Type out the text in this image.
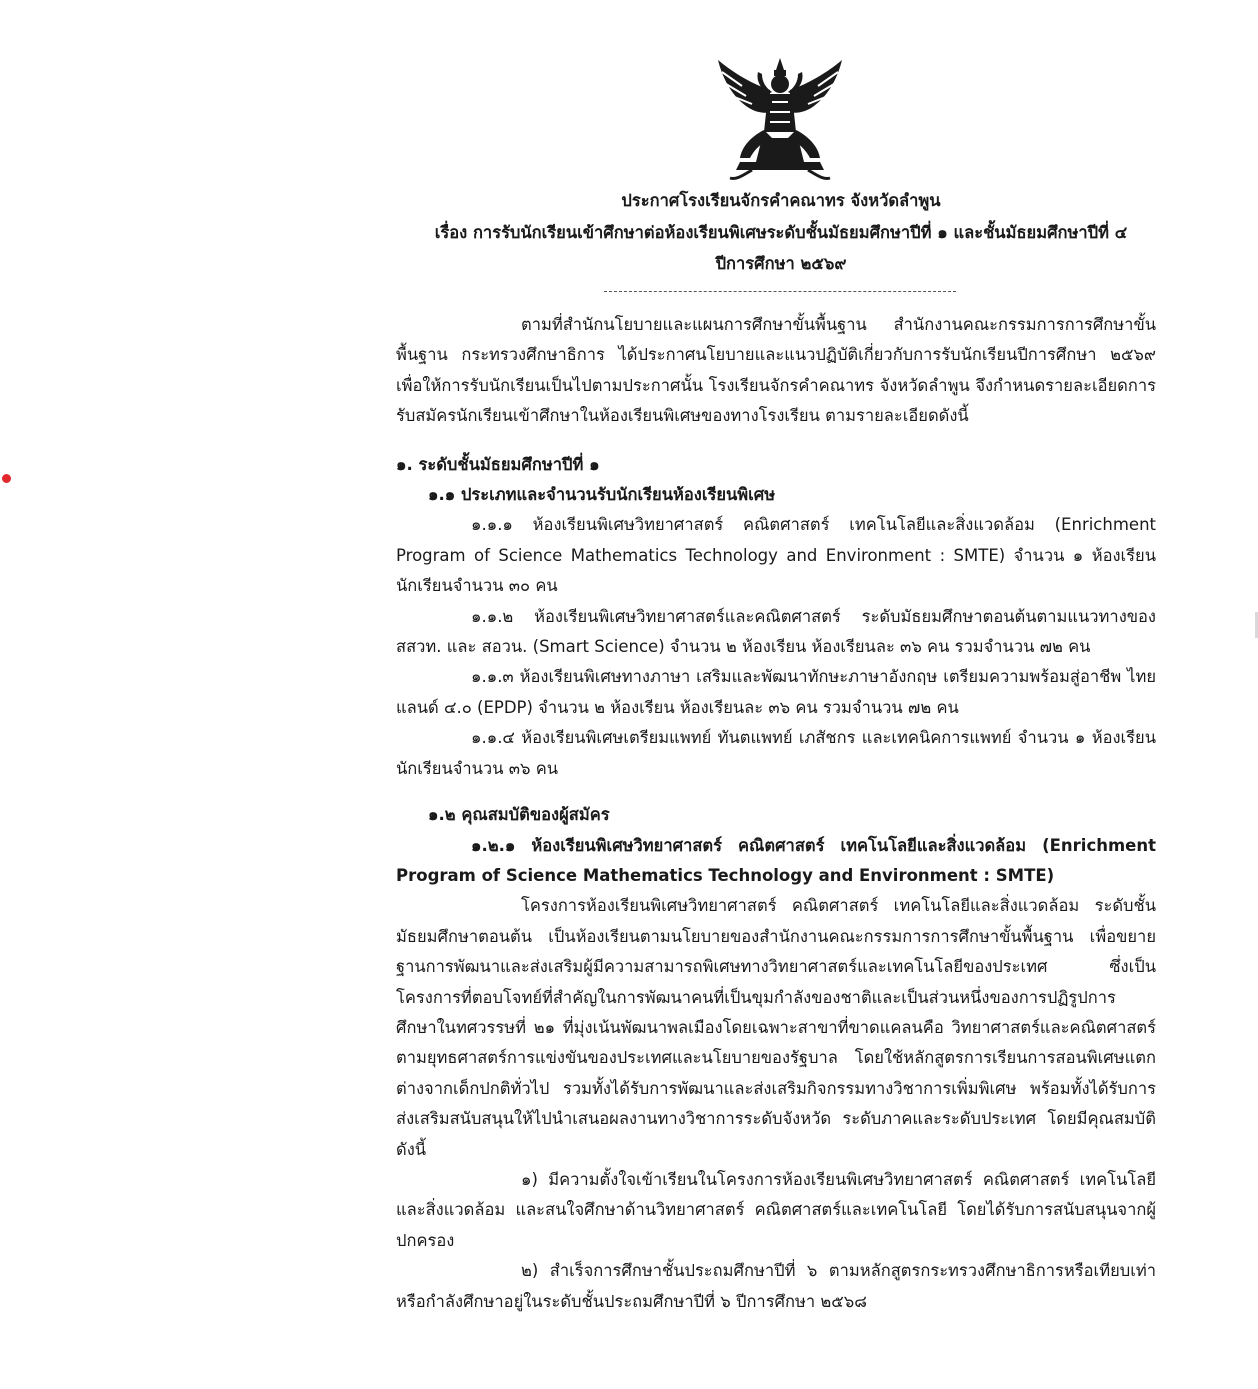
ประกาศโรงเรียนจักรคำคณาทร จังหวัดลำพูน
เรื่อง การรับนักเรียนเข้าศึกษาต่อห้องเรียนพิเศษระดับชั้นมัธยมศึกษาปีที่ ๑ และชั้นมัธยมศึกษาปีที่ ๔
ปีการศึกษา ๒๕๖๙

ตามที่สำนักนโยบายและแผนการศึกษาขั้นพื้นฐาน สำนักงานคณะกรรมการการศึกษาขั้นพื้นฐาน กระทรวงศึกษาธิการ ได้ประกาศนโยบายและแนวปฏิบัติเกี่ยวกับการรับนักเรียนปีการศึกษา ๒๕๖๙ เพื่อให้การรับนักเรียนเป็นไปตามประกาศนั้น โรงเรียนจักรคำคณาทร จังหวัดลำพูน จึงกำหนดรายละเอียดการรับสมัครนักเรียนเข้าศึกษาในห้องเรียนพิเศษของทางโรงเรียน ตามรายละเอียดดังนี้

๑. ระดับชั้นมัธยมศึกษาปีที่ ๑

๑.๑ ประเภทและจำนวนรับนักเรียนห้องเรียนพิเศษ

๑.๑.๑ ห้องเรียนพิเศษวิทยาศาสตร์ คณิตศาสตร์ เทคโนโลยีและสิ่งแวดล้อม (Enrichment Program of Science Mathematics Technology and Environment : SMTE) จำนวน ๑ ห้องเรียน นักเรียนจำนวน ๓๐ คน

๑.๑.๒ ห้องเรียนพิเศษวิทยาศาสตร์และคณิตศาสตร์ ระดับมัธยมศึกษาตอนต้นตามแนวทางของ สสวท. และ สอวน. (Smart Science) จำนวน ๒ ห้องเรียน ห้องเรียนละ ๓๖ คน รวมจำนวน ๗๒ คน

๑.๑.๓ ห้องเรียนพิเศษทางภาษา เสริมและพัฒนาทักษะภาษาอังกฤษ เตรียมความพร้อมสู่อาชีพ ไทยแลนด์ ๔.๐ (EPDP) จำนวน ๒ ห้องเรียน ห้องเรียนละ ๓๖ คน รวมจำนวน ๗๒ คน

๑.๑.๔ ห้องเรียนพิเศษเตรียมแพทย์ ทันตแพทย์ เภสัชกร และเทคนิคการแพทย์ จำนวน ๑ ห้องเรียน นักเรียนจำนวน ๓๖ คน

๑.๒ คุณสมบัติของผู้สมัคร

๑.๒.๑ ห้องเรียนพิเศษวิทยาศาสตร์ คณิตศาสตร์ เทคโนโลยีและสิ่งแวดล้อม (Enrichment Program of Science Mathematics Technology and Environment : SMTE)

โครงการห้องเรียนพิเศษวิทยาศาสตร์ คณิตศาสตร์ เทคโนโลยีและสิ่งแวดล้อม ระดับชั้นมัธยมศึกษาตอนต้น เป็นห้องเรียนตามนโยบายของสำนักงานคณะกรรมการการศึกษาขั้นพื้นฐาน เพื่อขยายฐานการพัฒนาและส่งเสริมผู้มีความสามารถพิเศษทางวิทยาศาสตร์และเทคโนโลยีของประเทศ ซึ่งเป็นโครงการที่ตอบโจทย์ที่สำคัญในการพัฒนาคนที่เป็นขุมกำลังของชาติและเป็นส่วนหนึ่งของการปฏิรูปการศึกษาในทศวรรษที่ ๒๑ ที่มุ่งเน้นพัฒนาพลเมืองโดยเฉพาะสาขาที่ขาดแคลนคือ วิทยาศาสตร์และคณิตศาสตร์ตามยุทธศาสตร์การแข่งขันของประเทศและนโยบายของรัฐบาล โดยใช้หลักสูตรการเรียนการสอนพิเศษแตกต่างจากเด็กปกติทั่วไป รวมทั้งได้รับการพัฒนาและส่งเสริมกิจกรรมทางวิชาการเพิ่มพิเศษ พร้อมทั้งได้รับการส่งเสริมสนับสนุนให้ไปนำเสนอผลงานทางวิชาการระดับจังหวัด ระดับภาคและระดับประเทศ โดยมีคุณสมบัติดังนี้

๑) มีความตั้งใจเข้าเรียนในโครงการห้องเรียนพิเศษวิทยาศาสตร์ คณิตศาสตร์ เทคโนโลยีและสิ่งแวดล้อม และสนใจศึกษาด้านวิทยาศาสตร์ คณิตศาสตร์และเทคโนโลยี โดยได้รับการสนับสนุนจากผู้ปกครอง

๒) สำเร็จการศึกษาชั้นประถมศึกษาปีที่ ๖ ตามหลักสูตรกระทรวงศึกษาธิการหรือเทียบเท่า หรือกำลังศึกษาอยู่ในระดับชั้นประถมศึกษาปีที่ ๖ ปีการศึกษา ๒๕๖๘
